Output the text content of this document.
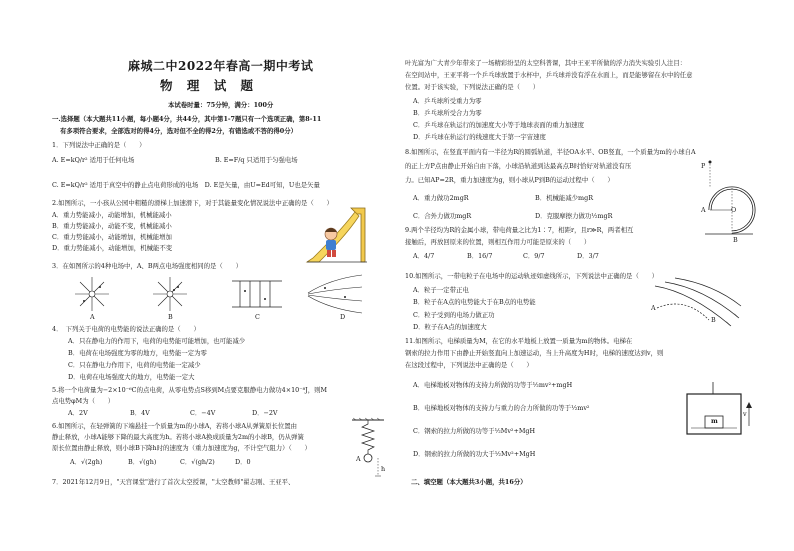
麻城二中2022年春高一期中考试
物 理 试 题
本试卷时量：75分钟，满分：100分
一.选择题（本大题共11小题，每小题4分，共44分，其中第1-7题只有一个选项正确，第8-11
有多项符合要求，全部选对的得4分，选对但不全的得2分，有错选或不答的得0分）
1．下列说法中正确的是（　　）
A. E=kQ/r² 适用于任何电场	B. E=F/q 只适用于匀强电场
C. E=kQ/r² 适用于真空中的静止点电荷形成的电场　D. E是矢量，由U=Ed可知，U也是矢量
2.如图所示，一小孩从公园中粗糙的滑梯上加速滑下，对于其能量变化情况说法中正确的是（　　）
A．重力势能减小，动能增加，机械能减小
B．重力势能减小，动能不变，机械能减小
C．重力势能减小，动能增加，机械能增加
D．重力势能减小，动能增加，机械能不变
3．在如图所示的4种电场中，A、B两点电场强度相同的是（　　）
A	B	C	D
4．　下列关于电荷的电势能的说法正确的是（　　）
A．只在静电力的作用下，电荷的电势能可能增加，也可能减少
B．电荷在电场强度为零的地方，电势能一定为零
C．只在静电力作用下，电荷的电势能一定减少
D．电荷在电场强度大的地方，电势能一定大
5.将一个电荷量为−2×10⁻⁶C的点电荷，从零电势点S移到M点要克服静电力做功4×10⁻⁸J，则M
点电势φM为（　　）
A．2V	B．4V	C．−4V	D．−2V
6.如图所示，在轻弹簧的下端悬挂一个质量为m的小球A，若将小球A从弹簧原长位置由
静止释放，小球A能够下降的最大高度为h。若将小球A换成质量为2m的小球B，仍从弹簧
原长位置由静止释放，则小球B下降h时的速度为（重力加速度为g，不计空气阻力）（　　）
A．√(2gh)	B．√(gh)	C．√(gh/2)	D．0	A
h
7．2021年12月9日，"天宫课堂"进行了首次太空授课，"太空教师"翟志刚、王亚平、
叶光富为广大青少年带来了一场精彩纷呈的太空科普课，其中王亚平所做的浮力消失实验引人注目：
在空间站中，王亚平将一个乒乓球放置于水杯中，乒乓球并没有浮在水面上，而是能够留在水中的任意
位置。对于该实验，下列说法正确的是（　　）
A．乒乓球所受重力为零
B．乒乓球所受合力为零
C．乒乓球在轨运行的加速度大小等于地球表面的重力加速度
D．乒乓球在轨运行的线速度大于第一宇宙速度
8.如图所示，在竖直平面内有一半径为R的圆弧轨道，半径OA水平、OB竖直，一个质量为m的小球自A
的正上方P点由静止开始自由下落，小球沿轨道到达最高点B时恰好对轨道没有压
力。已知AP=2R，重力加速度为g，则小球从P到B的运动过程中（　　）
A．重力做功2mgR	B．机械能减少mgR
C．合外力做功mgR	D．克服摩擦力做功½mgR
P
A	O
B
9.两个半径均为R的金属小球，带电荷量之比为1∶7，相距r，且r≫R，两者相互
接触后，再放回原来的位置，则相互作用力可能是原来的（　　）
A．4/7	B．16/7	C．9/7	D．3/7
10.如图所示，一带电粒子在电场中的运动轨迹如虚线所示，下列说法中正确的是（　　）
A．粒子一定带正电
B．粒子在A点的电势能大于在B点的电势能
C．粒子受到的电场力做正功
D．粒子在A点的加速度大
A
B
11.如图所示，电梯质量为M，在它的水平地板上放置一质量为m的物体。电梯在
钢索的拉力作用下由静止开始竖直向上加速运动，当上升高度为H时，电梯的速度达到v，则
在这段过程中，下列说法中正确的是（　　）
A．电梯地板对物体的支持力所做的功等于½mv²+mgH
B．电梯地板对物体的支持力与重力的合力所做的功等于½mv²
C．钢索的拉力所做的功等于½Mv²+MgH
D．钢索的拉力所做的功大于½Mv²+MgH
m
v
二、填空题（本大题共3小题，共16分）
